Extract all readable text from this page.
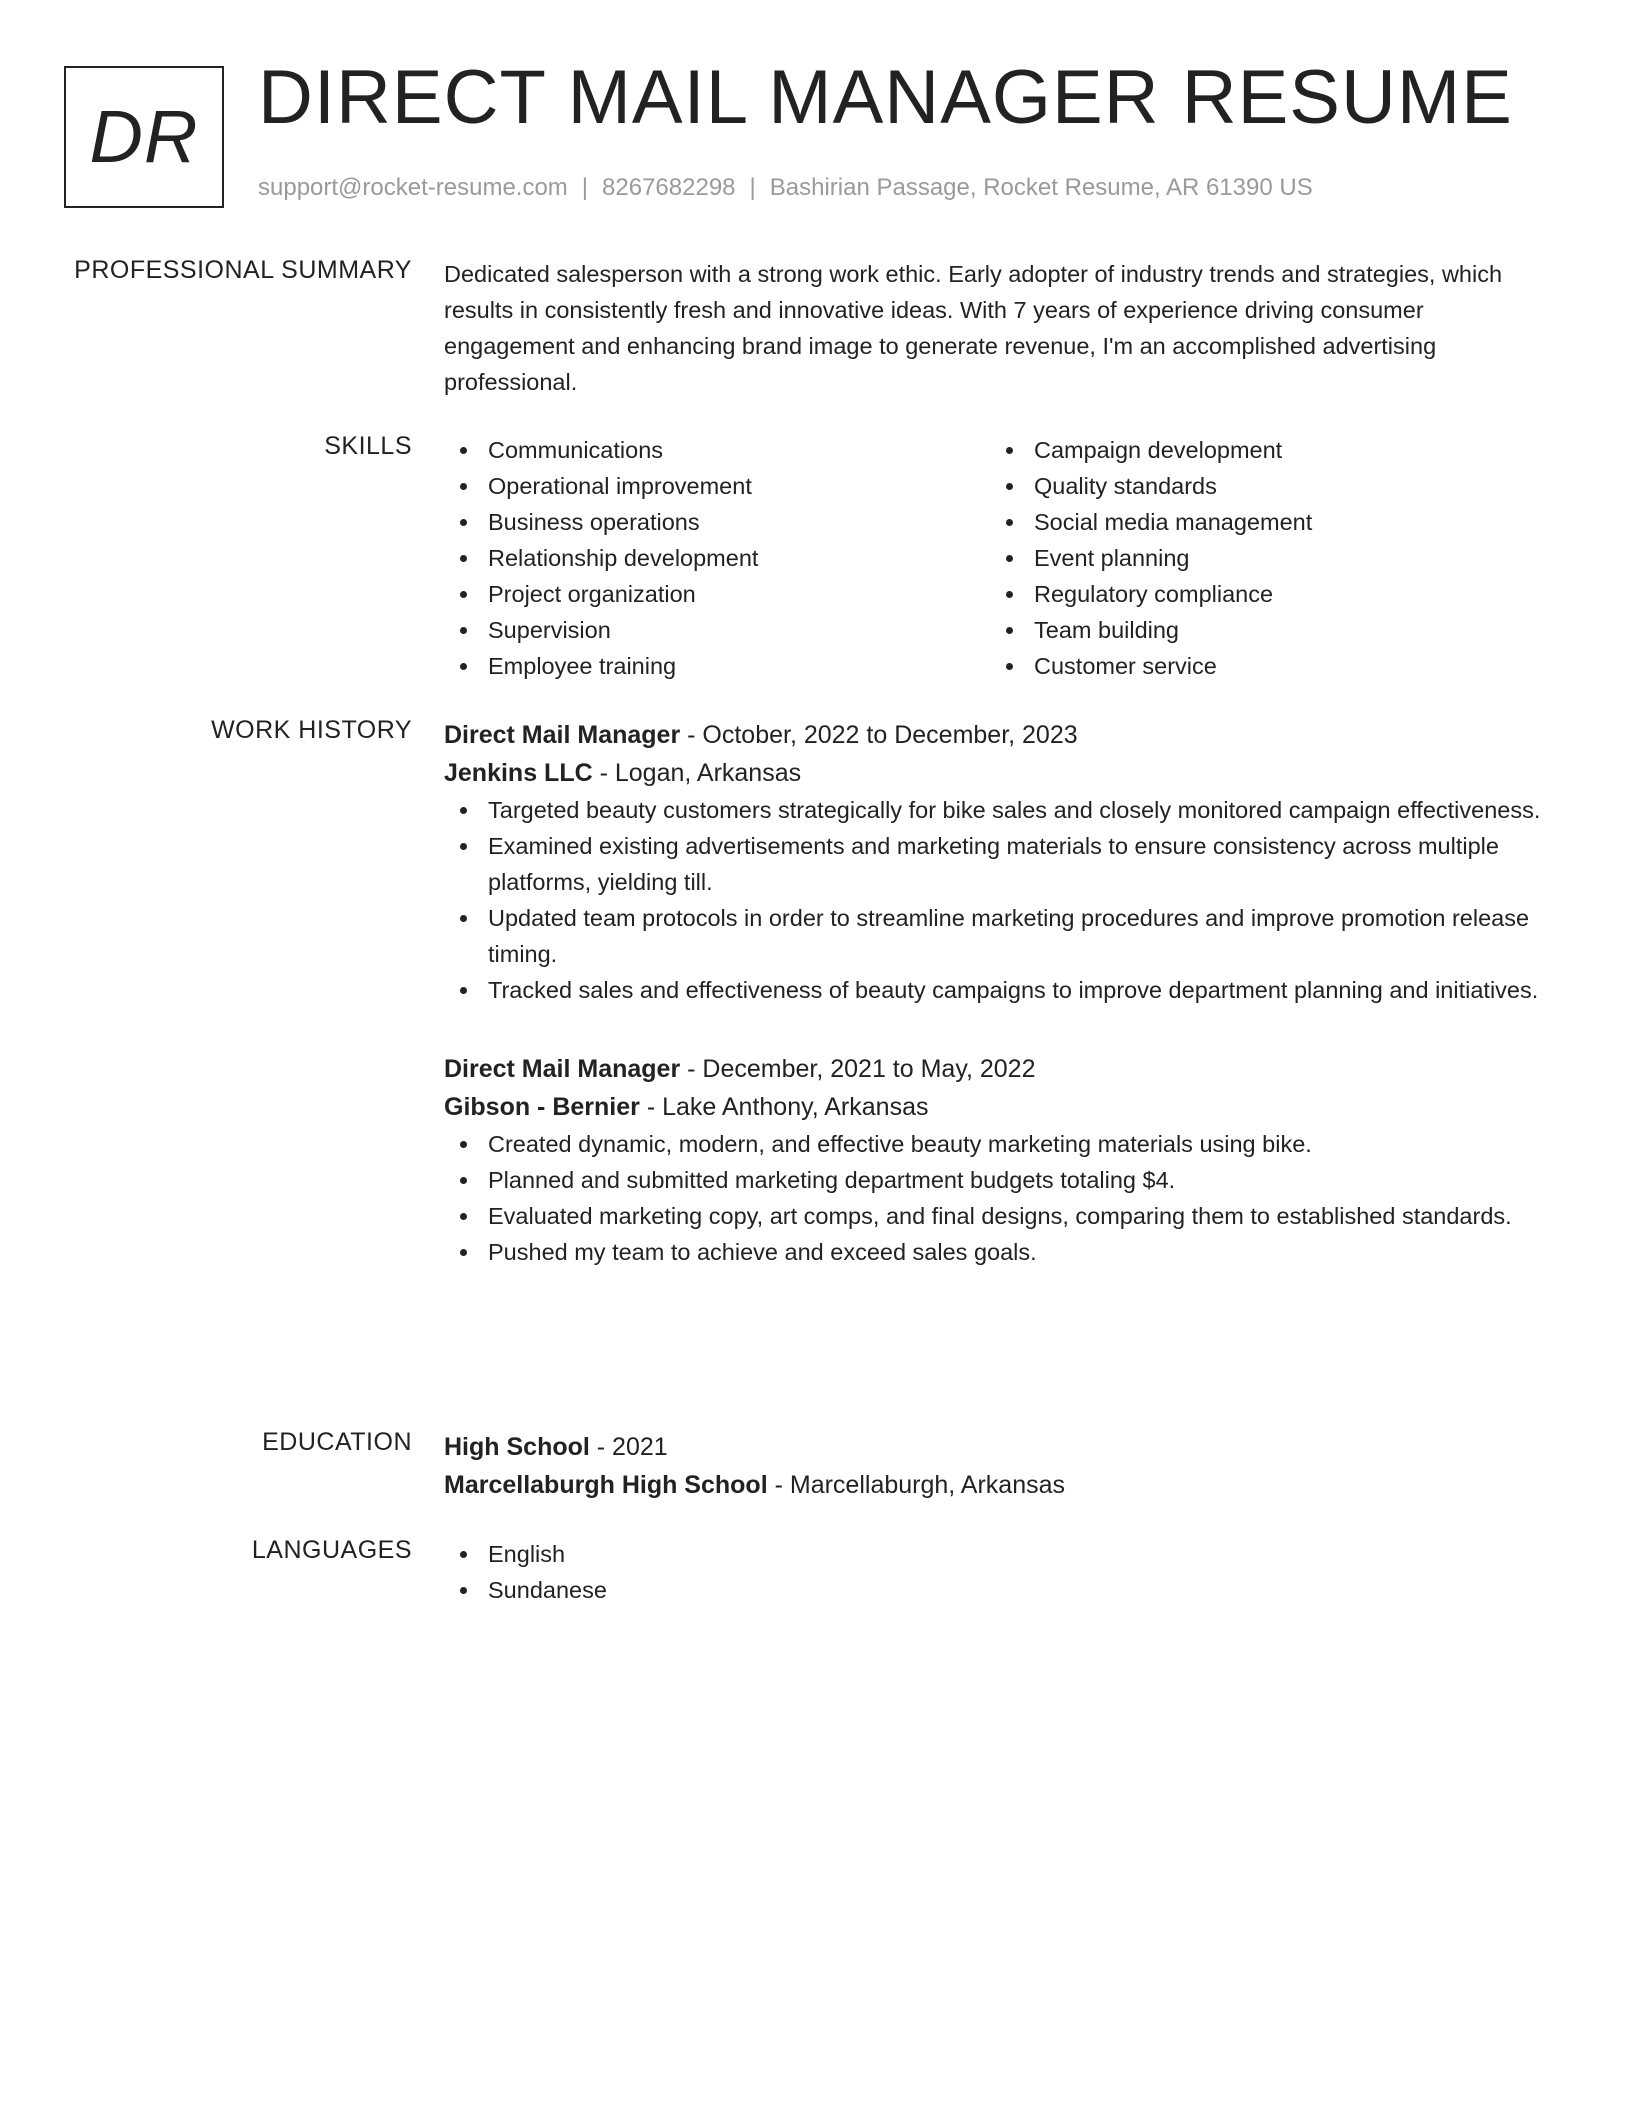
DR DIRECT MAIL MANAGER RESUME
support@rocket-resume.com | 8267682298 | Bashirian Passage, Rocket Resume, AR 61390 US
PROFESSIONAL SUMMARY Dedicated salesperson with a strong work ethic. Early adopter of industry trends and strategies, which results in consistently fresh and innovative ideas. With 7 years of experience driving consumer engagement and enhancing brand image to generate revenue, I'm an accomplished advertising professional.

SKILLS	Communications
Operational improvement
Business operations
Relationship development
Project organization
Supervision
Employee training
Campaign development
Quality standards
Social media management
Event planning
Regulatory compliance
Team building
Customer service
WORK HISTORY Direct Mail Manager - October, 2022 to December, 2023
Jenkins LLC - Logan, Arkansas
Targeted beauty customers strategically for bike sales and closely monitored campaign effectiveness.
Examined existing advertisements and marketing materials to ensure consistency across multiple platforms, yielding till.
Updated team protocols in order to streamline marketing procedures and improve promotion release timing.
Tracked sales and effectiveness of beauty campaigns to improve department planning and initiatives.
Direct Mail Manager - December, 2021 to May, 2022
Gibson - Bernier - Lake Anthony, Arkansas
Created dynamic, modern, and effective beauty marketing materials using bike.
Planned and submitted marketing department budgets totaling $4.
Evaluated marketing copy, art comps, and final designs, comparing them to established standards.
Pushed my team to achieve and exceed sales goals.
EDUCATION High School - 2021
Marcellaburgh High School - Marcellaburgh, Arkansas
LANGUAGES	English
Sundanese
